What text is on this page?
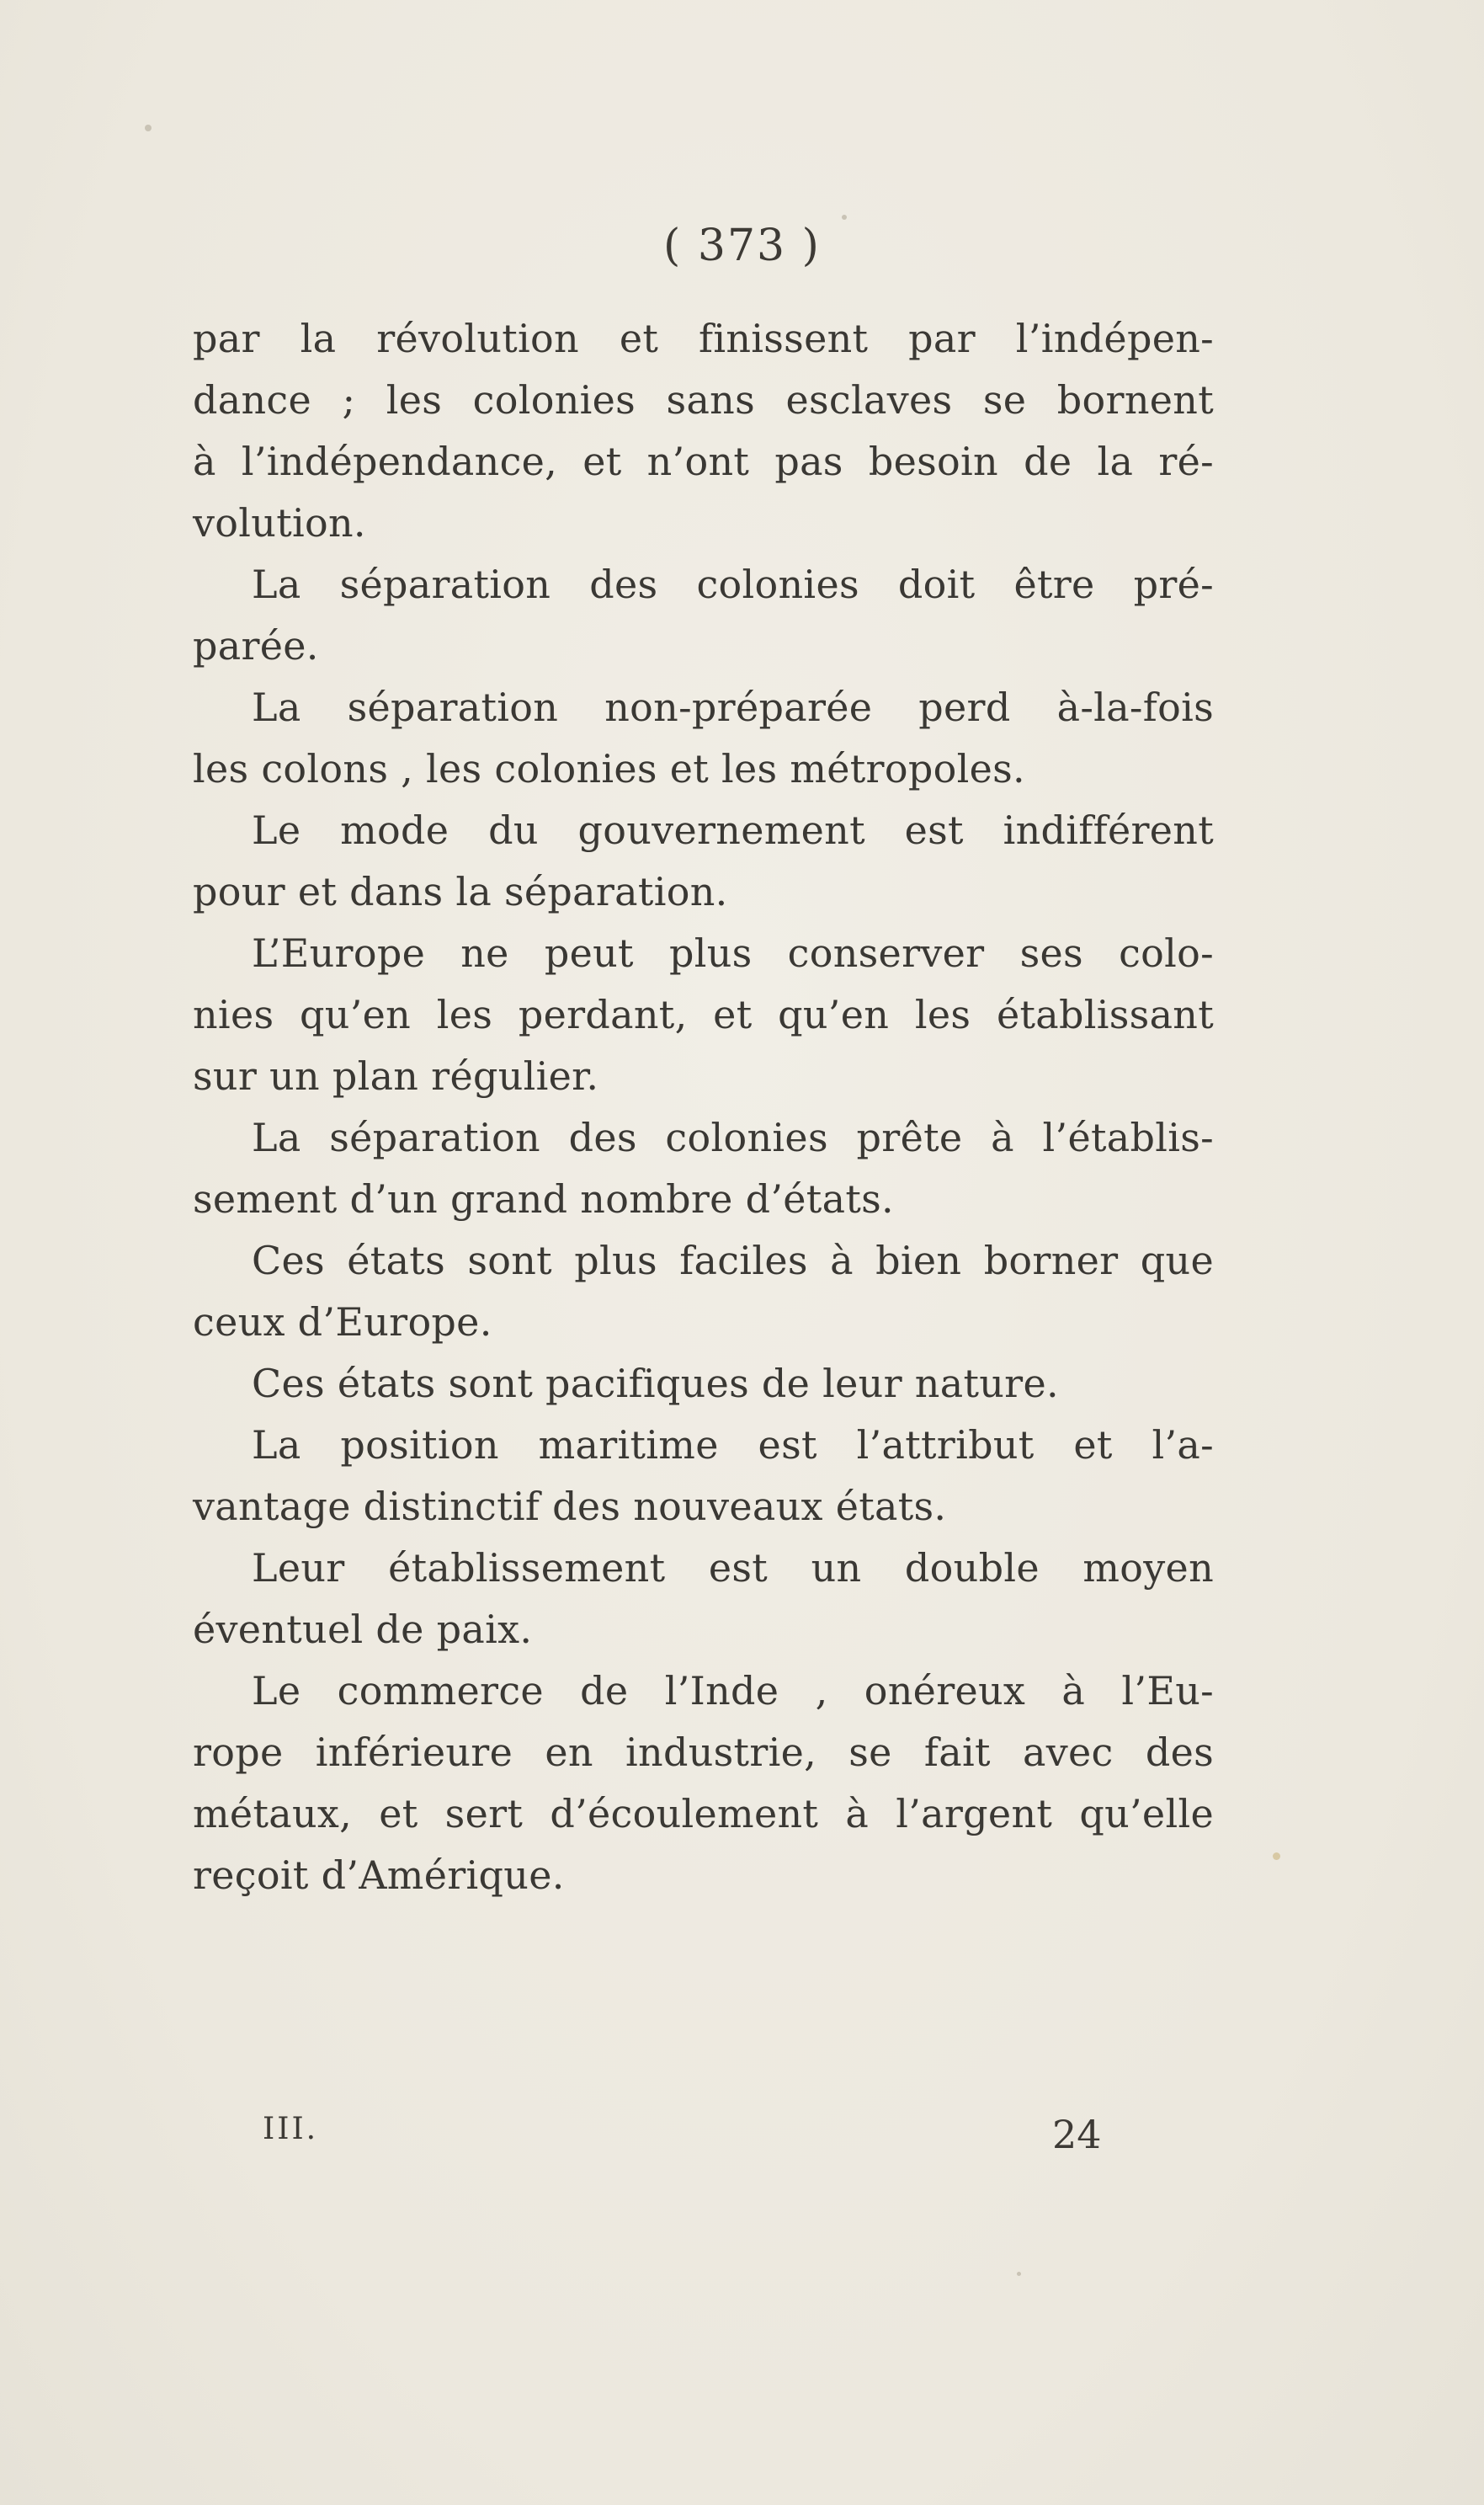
( 373 )
par la révolution et finissent par l’indépen-
dance ; les colonies sans esclaves se bornent
à l’indépendance, et n’ont pas besoin de la ré-
volution.
La séparation des colonies doit être pré-
parée.
La séparation non-préparée perd à-la-fois
les colons , les colonies et les métropoles.
Le mode du gouvernement est indifférent
pour et dans la séparation.
L’Europe ne peut plus conserver ses colo-
nies qu’en les perdant, et qu’en les établissant
sur un plan régulier.
La séparation des colonies prête à l’établis-
sement d’un grand nombre d’états.
Ces états sont plus faciles à bien borner que
ceux d’Europe.
Ces états sont pacifiques de leur nature.
La position maritime est l’attribut et l’a-
vantage distinctif des nouveaux états.
Leur établissement est un double moyen
éventuel de paix.
Le commerce de l’Inde , onéreux à l’Eu-
rope inférieure en industrie, se fait avec des
métaux, et sert d’écoulement à l’argent qu’elle
reçoit d’Amérique.
III.	24
